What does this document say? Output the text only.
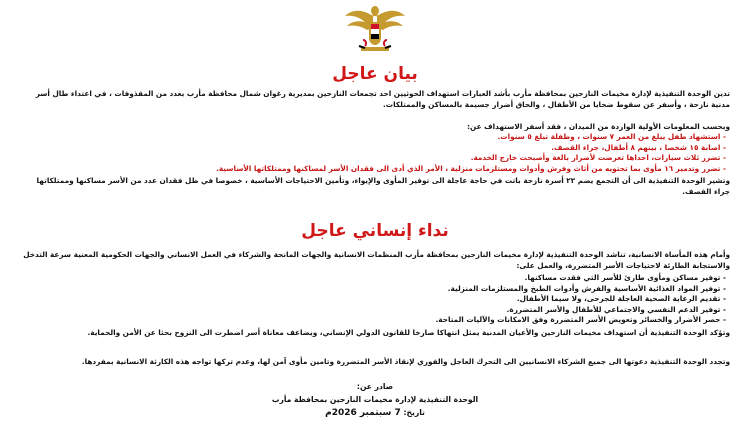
بيان عاجل

تدين الوحدة التنفيذية لإدارة مخيمات النازحين بمحافظة مأرب بأشد العبارات استهداف الحوثيين احد تجمعات النازحين بمديرية رغوان شمال محافظة مأرب بعدد من المقذوفات ، في اعتداء طال أسر مدنية نازحة ، وأسفر عن سقوط ضحايا من الأطفال ، والحاق أضرار جسيمة بالمساكن والممتلكات.

وبحسب المعلومات الأولية الواردة من الميدان ، فقد أسفر الاستهداف عن:

- استشهاد طفل يبلغ من العمر ٧ سنوات ، وطفلة تبلغ ٥ سنوات.
- اصابة ١٥ شخصا ، بينهم ٨ أطفال، جراء القصف.
- تضرر ثلاث سيارات، احداها تعرضت لأضرار بالغة وأصبحت خارج الخدمة.
- تضرر وتدمير ١٦ مأوى بما تحتويه من أثاث وفرش وأدوات ومستلزمات منزلية ، الأمر الذي أدى الى فقدان الأسر لمساكنها وممتلكاتها الأساسية.

وتشير الوحدة التنفيذية الى أن التجمع يضم ٢٢ أسرة نازحة باتت في حاجة عاجلة الى توفير المأوى والإيواء، وتأمين الاحتياجات الأساسية ، خصوصا في ظل فقدان عدد من الأسر مساكنها وممتلكاتها جراء القصف.

نداء إنساني عاجل

وأمام هذه المأساة الانسانية، تناشد الوحدة التنفيذية لإدارة مخيمات النازحين بمحافظة مأرب المنظمات الانسانية والجهات المانحة والشركاء في العمل الانساني والجهات الحكومية المعنية سرعة التدخل والاستجابة الطارئة لاحتياجات الأسر المتضررة، والعمل على:

- توفير مساكن ومأوى طارئ للأسر التي فقدت مساكنها.
- توفير المواد الغذائية الأساسية والفرش وأدوات الطبخ والمستلزمات المنزلية.
- تقديم الرعاية الصحية العاجلة للجرحى، ولا سيما الأطفال.
- توفير الدعم النفسي والاجتماعي للأطفال والأسر المتضررة.
- حصر الأضرار والخسائر وتعويض الأسر المتضررة وفق الامكانات والآليات المتاحة.

وتؤكد الوحدة التنفيذية أن استهداف مخيمات النازحين والأعيان المدنية يمثل انتهاكا صارخا للقانون الدولي الإنساني، ويضاعف معاناة أسر اضطرت الى النزوح بحثا عن الأمن والحماية.

وتجدد الوحدة التنفيذية دعوتها الى جميع الشركاء الانسانيين الى التحرك العاجل والفوري لإنقاذ الأسر المتضررة وتامين مأوى آمن لها، وعدم تركها تواجه هذه الكارثة الانسانية بمفردها.

صادر عن:
الوحدة التنفيذية لإدارة مخيمات النازحين بمحافظة مأرب
تاريخ: 7 سبتمبر 2026م
